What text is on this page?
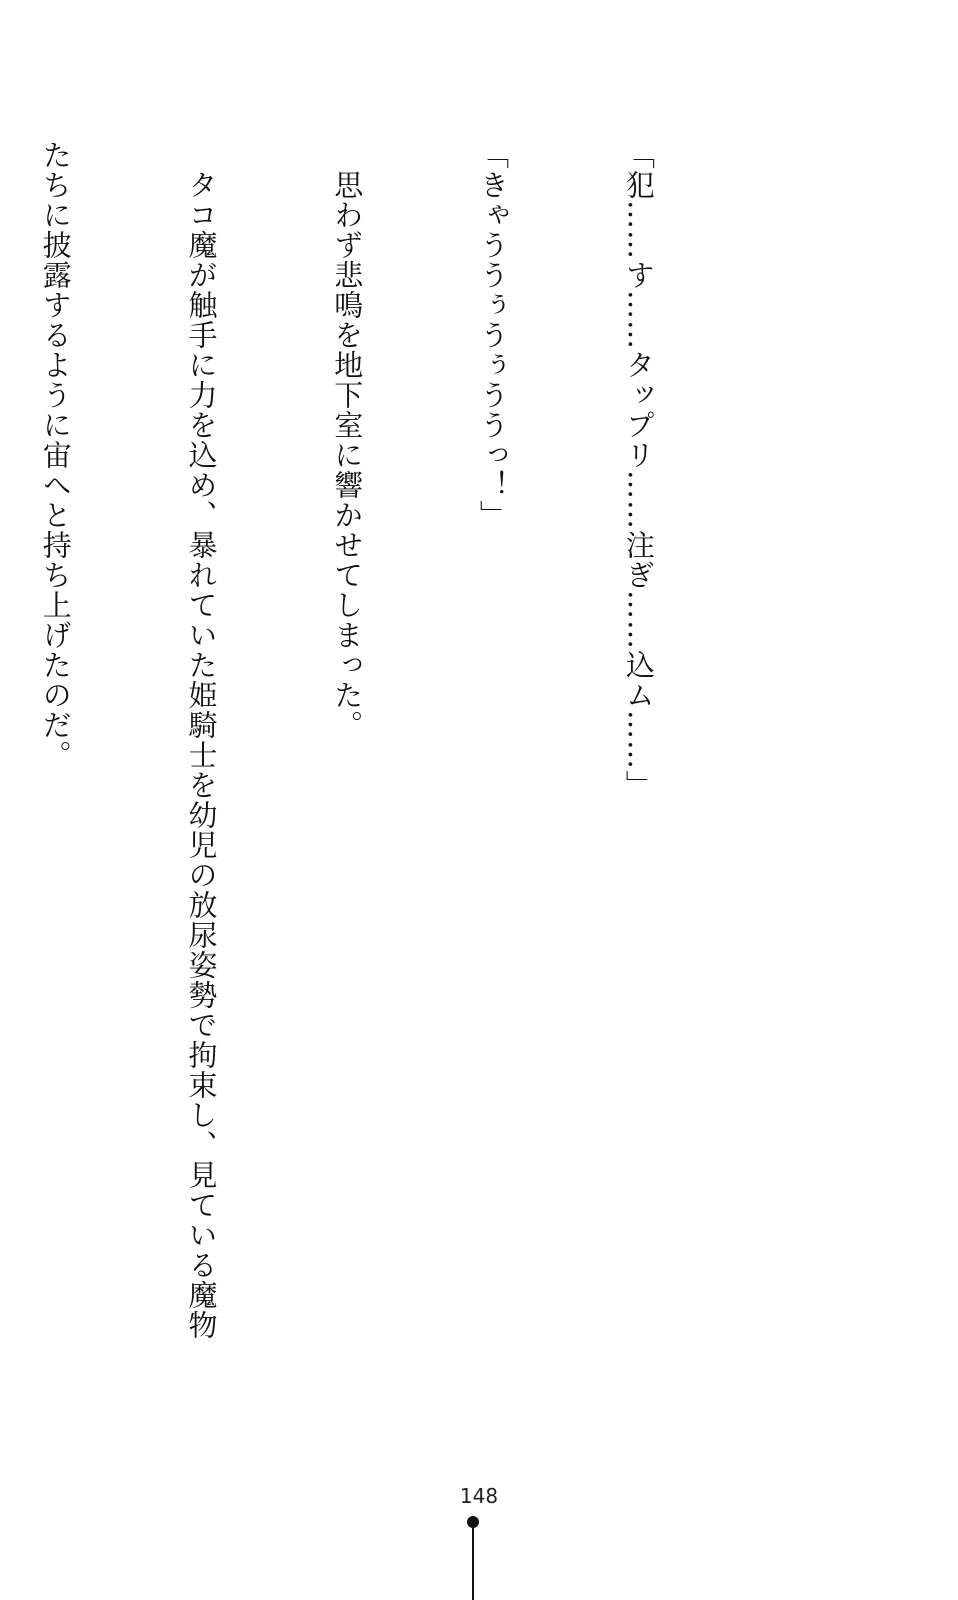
「犯……す……タップリ……注ぎ……込ム……」

「きゃううぅうぅううっ！」

　思わず悲鳴を地下室に響かせてしまった。

　タコ魔が触手に力を込め、暴れていた姫騎士を幼児の放尿姿勢で拘束し、見ている魔物

たちに披露するように宙へと持ち上げたのだ。

148
